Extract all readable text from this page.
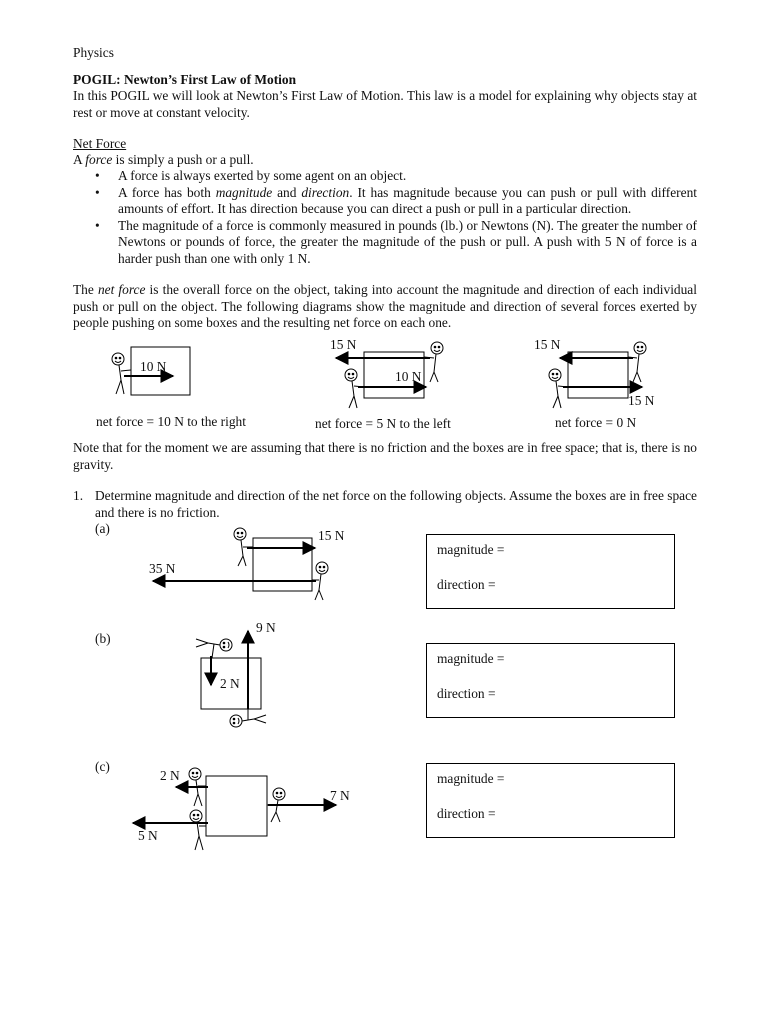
Physics
POGIL: Newton’s First Law of Motion
In this POGIL we will look at Newton’s First Law of Motion. This law is a model for explaining why objects stay at rest or move at constant velocity.
Net Force
A force is simply a push or a pull.
• A force is always exerted by some agent on an object.
• A force has both magnitude and direction. It has magnitude because you can push or pull with different amounts of effort. It has direction because you can direct a push or pull in a particular direction.
• The magnitude of a force is commonly measured in pounds (lb.) or Newtons (N). The greater the number of Newtons or pounds of force, the greater the magnitude of the push or pull. A push with 5 N of force is a harder push than one with only 1 N.
The net force is the overall force on the object, taking into account the magnitude and direction of each individual push or pull on the object. The following diagrams show the magnitude and direction of several forces exerted by people pushing on some boxes and the resulting net force on each one.
10 N
15 N
10 N
15 N
15 N
net force = 10 N to the right	net force = 5 N to the left	net force = 0 N
Note that for the moment we are assuming that there is no friction and the boxes are in free space; that is, there is no gravity.
1. Determine magnitude and direction of the net force on the following objects. Assume the boxes are in free space and there is no friction.
(a)	15 N
35 N
magnitude =
direction =
(b)
9 N
2 N
magnitude =
direction =
(c)
2 N
7 N
5 N
magnitude =
direction =
